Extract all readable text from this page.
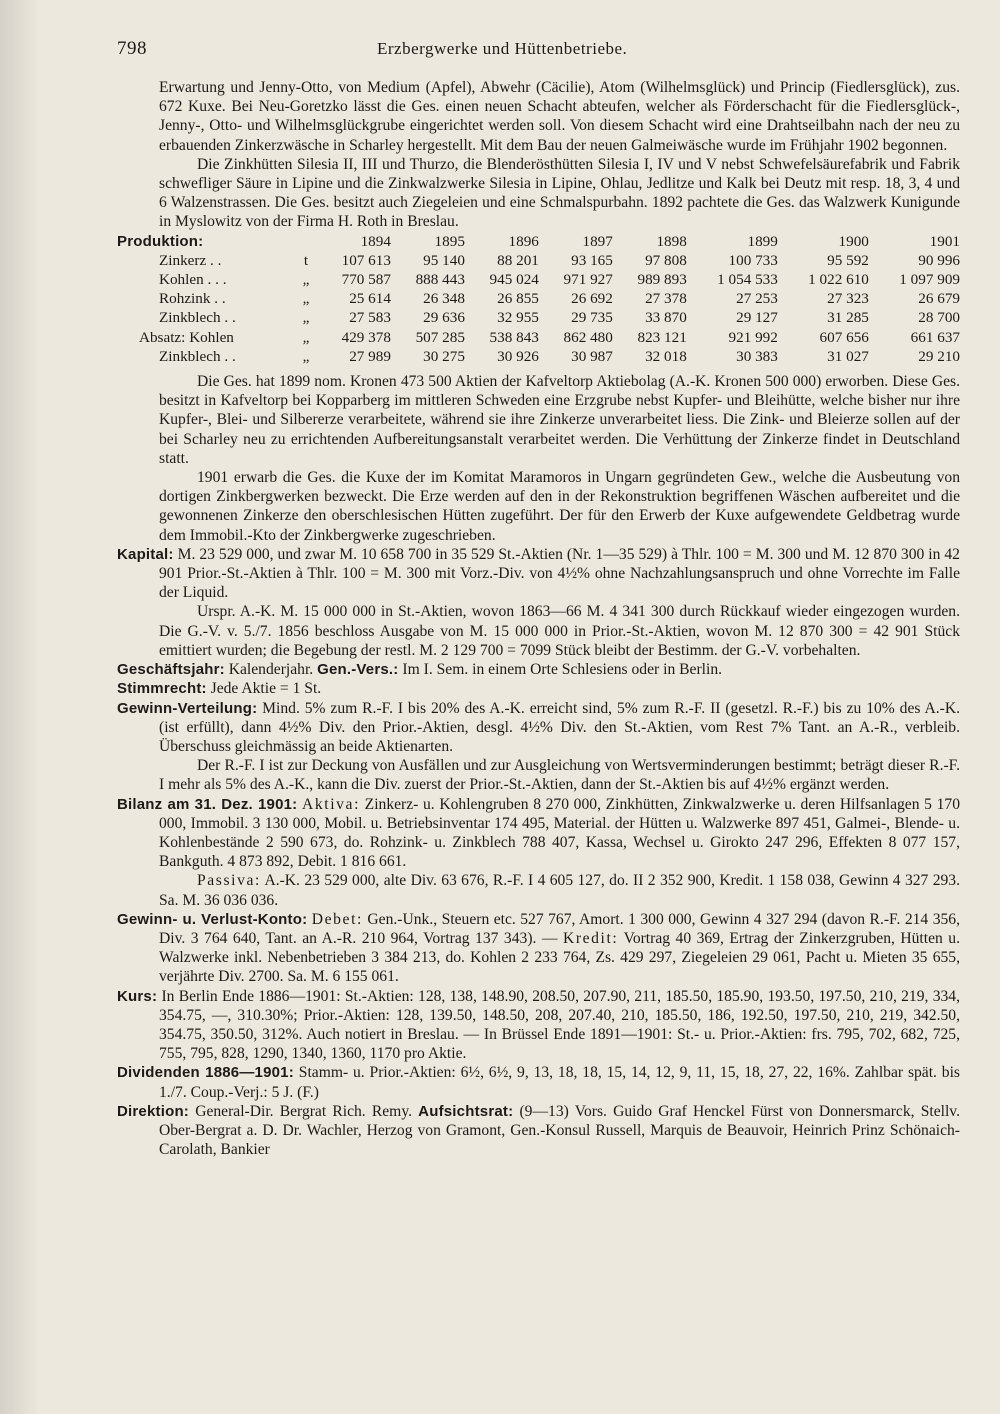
798	Erzbergwerke und Hüttenbetriebe.

Erwartung und Jenny-Otto, von Medium (Apfel), Abwehr (Cäcilie), Atom (Wilhelmsglück) und Princip (Fiedlersglück), zus. 672 Kuxe. Bei Neu-Goretzko lässt die Ges. einen neuen Schacht abteufen, welcher als Förderschacht für die Fiedlersglück-, Jenny-, Otto- und Wilhelmsglückgrube eingerichtet werden soll. Von diesem Schacht wird eine Drahtseilbahn nach der neu zu erbauenden Zinkerzwäsche in Scharley hergestellt. Mit dem Bau der neuen Galmeiwäsche wurde im Frühjahr 1902 begonnen.

Die Zinkhütten Silesia II, III und Thurzo, die Blenderösthütten Silesia I, IV und V nebst Schwefelsäurefabrik und Fabrik schwefliger Säure in Lipine und die Zinkwalzwerke Silesia in Lipine, Ohlau, Jedlitze und Kalk bei Deutz mit resp. 18, 3, 4 und 6 Walzenstrassen. Die Ges. besitzt auch Ziegeleien und eine Schmalspurbahn. 1892 pachtete die Ges. das Walzwerk Kunigunde in Myslowitz von der Firma H. Roth in Breslau.

Produktion:		1894	1895	1896	1897	1898	1899	1900	1901
Zinkerz . .	t	107 613	95 140	88 201	93 165	97 808	100 733	95 592	90 996
Kohlen . . .	„	770 587	888 443	945 024	971 927	989 893	1 054 533	1 022 610	1 097 909
Rohzink . .	„	25 614	26 348	26 855	26 692	27 378	27 253	27 323	26 679
Zinkblech . .	„	27 583	29 636	32 955	29 735	33 870	29 127	31 285	28 700
Absatz: Kohlen	„	429 378	507 285	538 843	862 480	823 121	921 992	607 656	661 637
Zinkblech . .	„	27 989	30 275	30 926	30 987	32 018	30 383	31 027	29 210

Die Ges. hat 1899 nom. Kronen 473 500 Aktien der Kafveltorp Aktiebolag (A.-K. Kronen 500 000) erworben. Diese Ges. besitzt in Kafveltorp bei Kopparberg im mittleren Schweden eine Erzgrube nebst Kupfer- und Bleihütte, welche bisher nur ihre Kupfer-, Blei- und Silbererze verarbeitete, während sie ihre Zinkerze unverarbeitet liess. Die Zink- und Bleierze sollen auf der bei Scharley neu zu errichtenden Aufbereitungsanstalt verarbeitet werden. Die Verhüttung der Zinkerze findet in Deutschland statt.

1901 erwarb die Ges. die Kuxe der im Komitat Maramoros in Ungarn gegründeten Gew., welche die Ausbeutung von dortigen Zinkbergwerken bezweckt. Die Erze werden auf den in der Rekonstruktion begriffenen Wäschen aufbereitet und die gewonnenen Zinkerze den oberschlesischen Hütten zugeführt. Der für den Erwerb der Kuxe aufgewendete Geldbetrag wurde dem Immobil.-Kto der Zinkbergwerke zugeschrieben.

Kapital: M. 23 529 000, und zwar M. 10 658 700 in 35 529 St.-Aktien (Nr. 1—35 529) à Thlr. 100 = M. 300 und M. 12 870 300 in 42 901 Prior.-St.-Aktien à Thlr. 100 = M. 300 mit Vorz.-Div. von 4½% ohne Nachzahlungsanspruch und ohne Vorrechte im Falle der Liquid.

Urspr. A.-K. M. 15 000 000 in St.-Aktien, wovon 1863—66 M. 4 341 300 durch Rückkauf wieder eingezogen wurden. Die G.-V. v. 5./7. 1856 beschloss Ausgabe von M. 15 000 000 in Prior.-St.-Aktien, wovon M. 12 870 300 = 42 901 Stück emittiert wurden; die Begebung der restl. M. 2 129 700 = 7099 Stück bleibt der Bestimm. der G.-V. vorbehalten.

Geschäftsjahr: Kalenderjahr. Gen.-Vers.: Im I. Sem. in einem Orte Schlesiens oder in Berlin.

Stimmrecht: Jede Aktie = 1 St.

Gewinn-Verteilung: Mind. 5% zum R.-F. I bis 20% des A.-K. erreicht sind, 5% zum R.-F. II (gesetzl. R.-F.) bis zu 10% des A.-K. (ist erfüllt), dann 4½% Div. den Prior.-Aktien, desgl. 4½% Div. den St.-Aktien, vom Rest 7% Tant. an A.-R., verbleib. Überschuss gleichmässig an beide Aktienarten.

Der R.-F. I ist zur Deckung von Ausfällen und zur Ausgleichung von Wertsverminderungen bestimmt; beträgt dieser R.-F. I mehr als 5% des A.-K., kann die Div. zuerst der Prior.-St.-Aktien, dann der St.-Aktien bis auf 4½% ergänzt werden.

Bilanz am 31. Dez. 1901: Aktiva: Zinkerz- u. Kohlengruben 8 270 000, Zinkhütten, Zinkwalzwerke u. deren Hilfsanlagen 5 170 000, Immobil. 3 130 000, Mobil. u. Betriebsinventar 174 495, Material. der Hütten u. Walzwerke 897 451, Galmei-, Blende- u. Kohlenbestände 2 590 673, do. Rohzink- u. Zinkblech 788 407, Kassa, Wechsel u. Girokto 247 296, Effekten 8 077 157, Bankguth. 4 873 892, Debit. 1 816 661.

Passiva: A.-K. 23 529 000, alte Div. 63 676, R.-F. I 4 605 127, do. II 2 352 900, Kredit. 1 158 038, Gewinn 4 327 293. Sa. M. 36 036 036.

Gewinn- u. Verlust-Konto: Debet: Gen.-Unk., Steuern etc. 527 767, Amort. 1 300 000, Gewinn 4 327 294 (davon R.-F. 214 356, Div. 3 764 640, Tant. an A.-R. 210 964, Vortrag 137 343). — Kredit: Vortrag 40 369, Ertrag der Zinkerzgruben, Hütten u. Walzwerke inkl. Nebenbetrieben 3 384 213, do. Kohlen 2 233 764, Zs. 429 297, Ziegeleien 29 061, Pacht u. Mieten 35 655, verjährte Div. 2700. Sa. M. 6 155 061.

Kurs: In Berlin Ende 1886—1901: St.-Aktien: 128, 138, 148.90, 208.50, 207.90, 211, 185.50, 185.90, 193.50, 197.50, 210, 219, 334, 354.75, —, 310.30%; Prior.-Aktien: 128, 139.50, 148.50, 208, 207.40, 210, 185.50, 186, 192.50, 197.50, 210, 219, 342.50, 354.75, 350.50, 312%. Auch notiert in Breslau. — In Brüssel Ende 1891—1901: St.- u. Prior.-Aktien: frs. 795, 702, 682, 725, 755, 795, 828, 1290, 1340, 1360, 1170 pro Aktie.

Dividenden 1886—1901: Stamm- u. Prior.-Aktien: 6½, 6½, 9, 13, 18, 18, 15, 14, 12, 9, 11, 15, 18, 27, 22, 16%. Zahlbar spät. bis 1./7. Coup.-Verj.: 5 J. (F.)

Direktion: General-Dir. Bergrat Rich. Remy. Aufsichtsrat: (9—13) Vors. Guido Graf Henckel Fürst von Donnersmarck, Stellv. Ober-Bergrat a. D. Dr. Wachler, Herzog von Gramont, Gen.-Konsul Russell, Marquis de Beauvoir, Heinrich Prinz Schönaich-Carolath, Bankier
